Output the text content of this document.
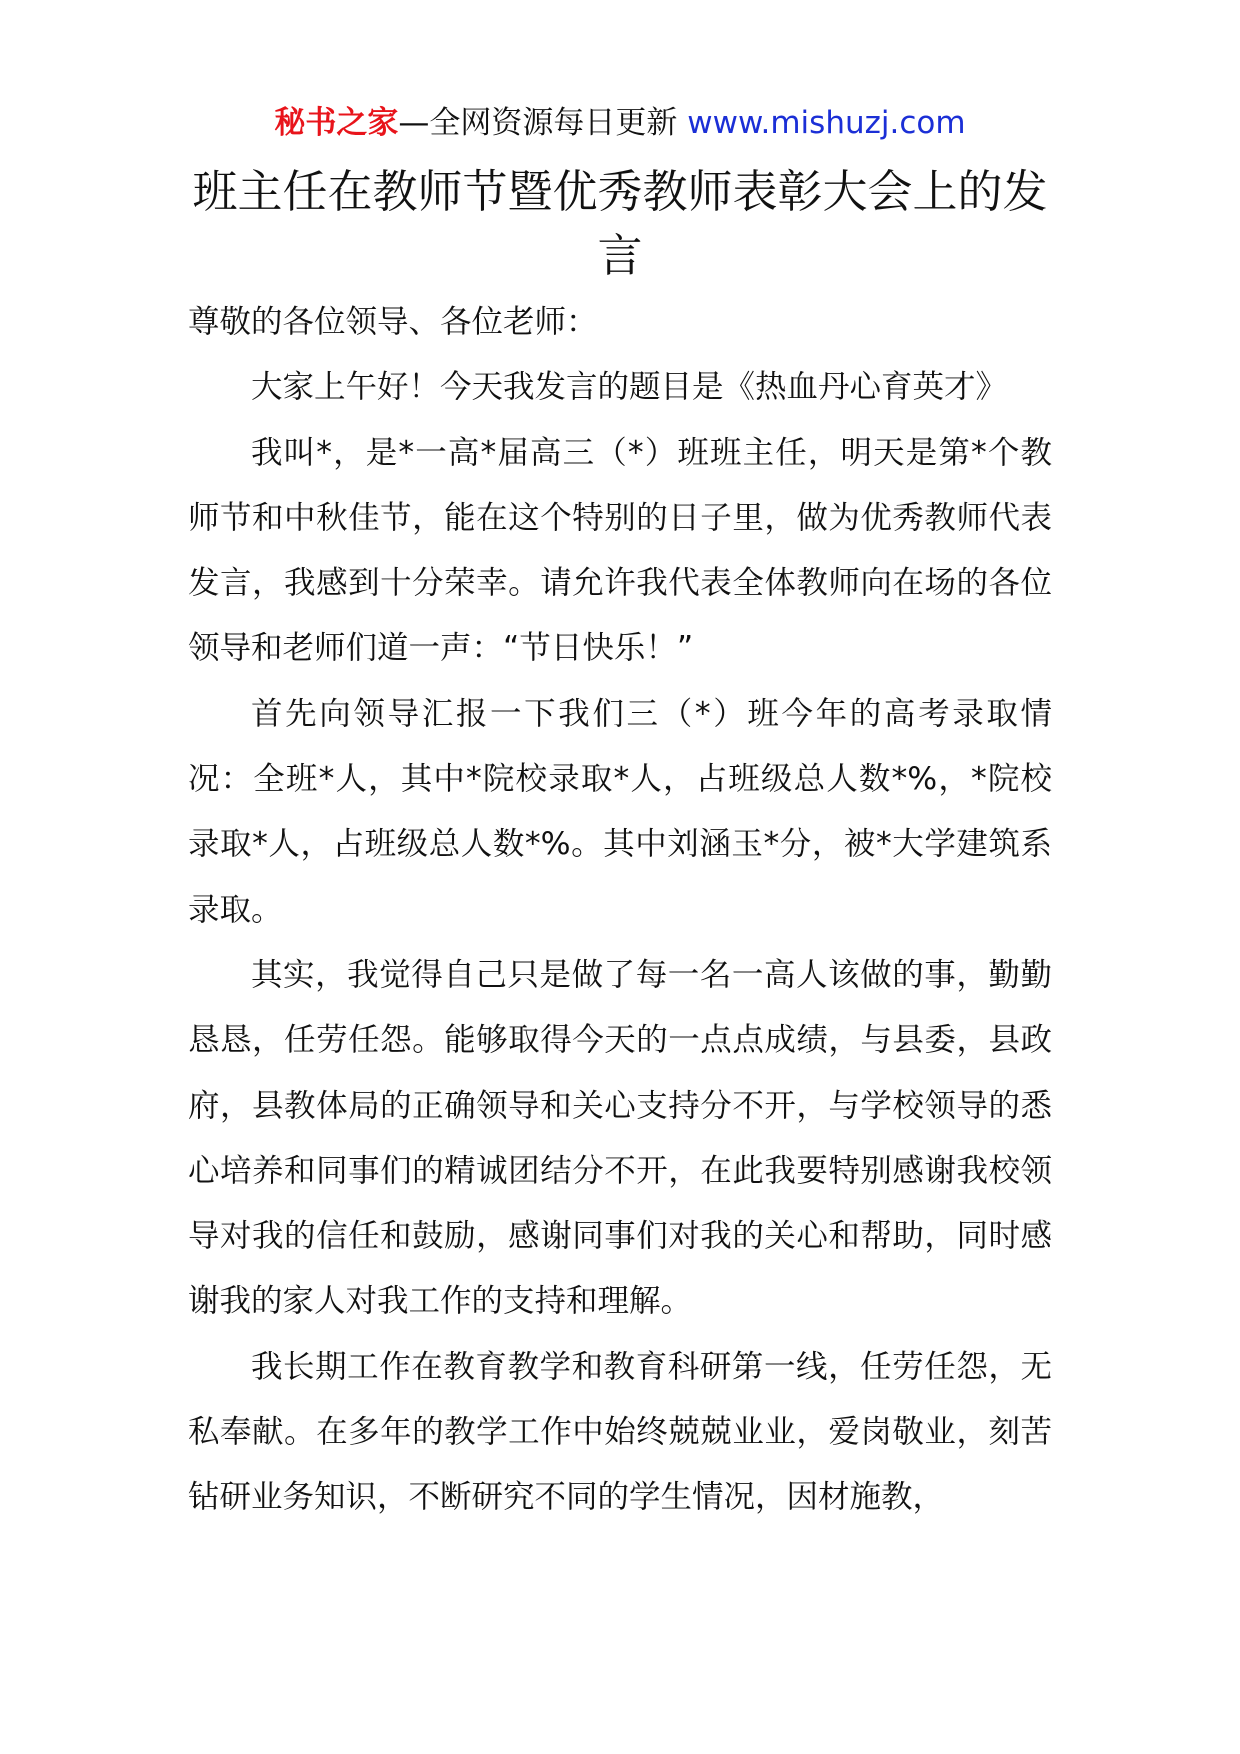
秘书之家—全网资源每日更新 www.mishuzj.com
班主任在教师节暨优秀教师表彰大会上的发言

尊敬的各位领导、各位老师：

大家上午好！今天我发言的题目是《热血丹心育英才》

我叫*，是*一高*届高三（*）班班主任，明天是第*个教师节和中秋佳节，能在这个特别的日子里，做为优秀教师代表发言，我感到十分荣幸。请允许我代表全体教师向在场的各位领导和老师们道一声：“节日快乐！”

首先向领导汇报一下我们三（*）班今年的高考录取情况：全班*人，其中*院校录取*人，占班级总人数*%，*院校录取*人，占班级总人数*%。其中刘涵玉*分，被*大学建筑系录取。

其实，我觉得自己只是做了每一名一高人该做的事，勤勤恳恳，任劳任怨。能够取得今天的一点点成绩，与县委，县政府，县教体局的正确领导和关心支持分不开，与学校领导的悉心培养和同事们的精诚团结分不开，在此我要特别感谢我校领导对我的信任和鼓励，感谢同事们对我的关心和帮助，同时感谢我的家人对我工作的支持和理解。

我长期工作在教育教学和教育科研第一线，任劳任怨，无私奉献。在多年的教学工作中始终兢兢业业，爱岗敬业，刻苦钻研业务知识，不断研究不同的学生情况，因材施教，
